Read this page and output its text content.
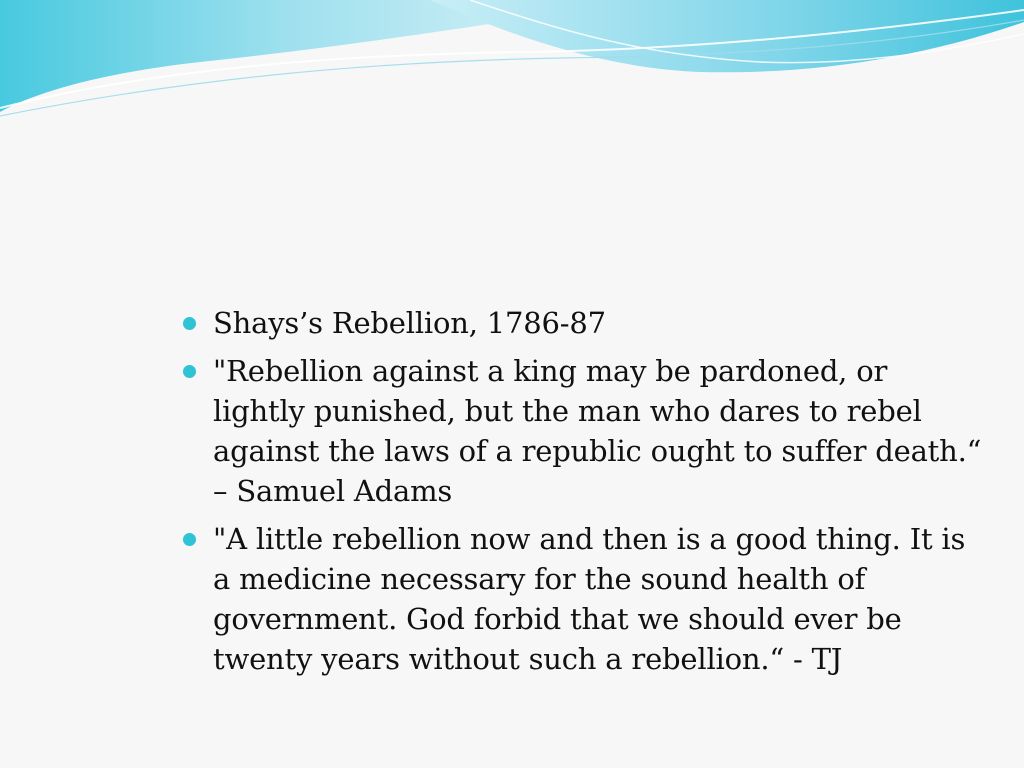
Shays’s Rebellion, 1786-87
"Rebellion against a king may be pardoned, or lightly punished, but the man who dares to rebel against the laws of a republic ought to suffer death.“ – Samuel Adams
"A little rebellion now and then is a good thing. It is a medicine necessary for the sound health of government. God forbid that we should ever be twenty years without such a rebellion.“ - TJ
